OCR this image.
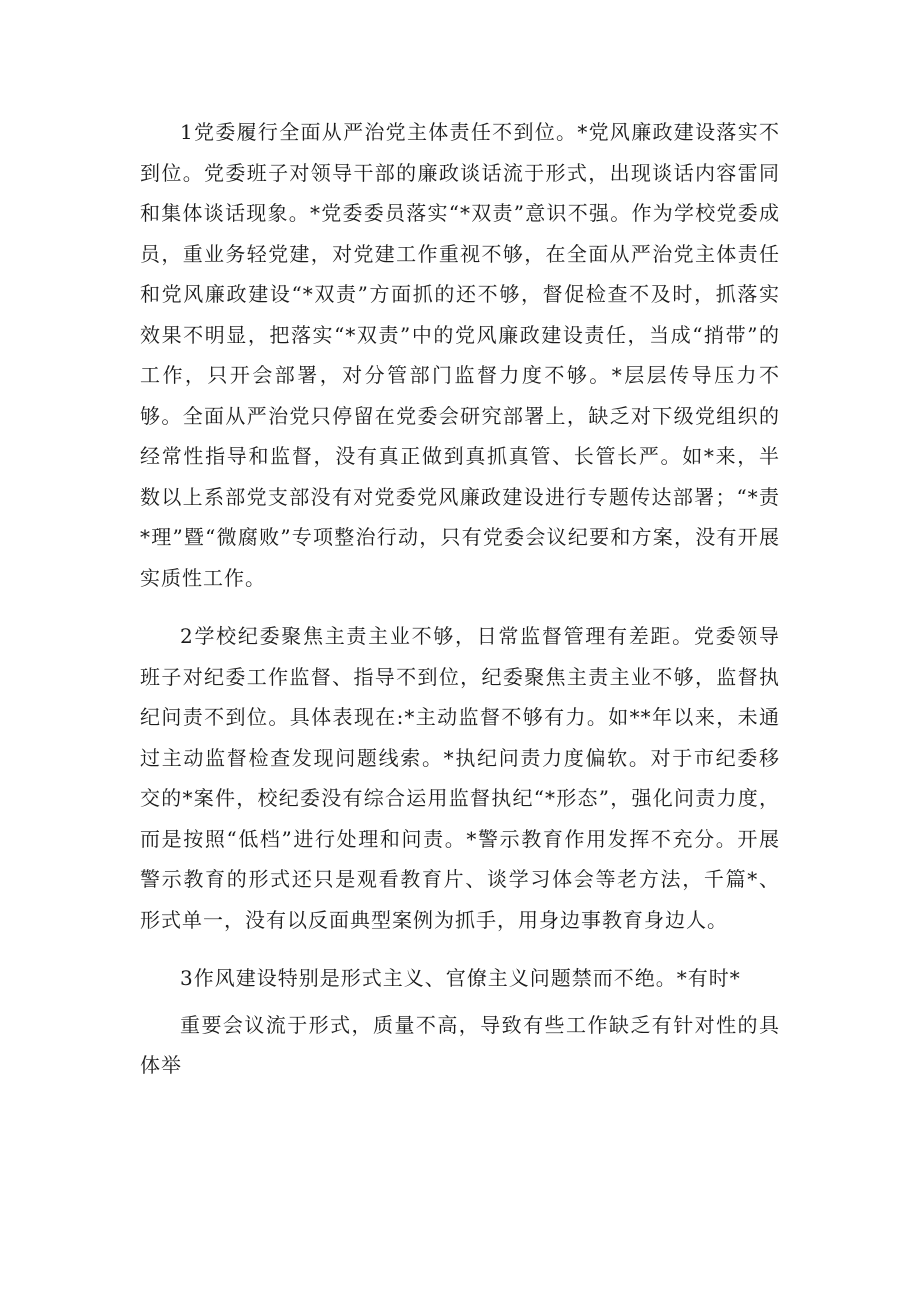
1党委履行全面从严治党主体责任不到位。*党风廉政建设落实不到位。党委班子对领导干部的廉政谈话流于形式，出现谈话内容雷同和集体谈话现象。*党委委员落实“*双责”意识不强。作为学校党委成员，重业务轻党建，对党建工作重视不够，在全面从严治党主体责任和党风廉政建设“*双责”方面抓的还不够，督促检查不及时，抓落实效果不明显，把落实“*双责”中的党风廉政建设责任，当成“捎带”的工作，只开会部署，对分管部门监督力度不够。*层层传导压力不够。全面从严治党只停留在党委会研究部署上，缺乏对下级党组织的经常性指导和监督，没有真正做到真抓真管、长管长严。如*来，半数以上系部党支部没有对党委党风廉政建设进行专题传达部署；“*责*理”暨“微腐败”专项整治行动，只有党委会议纪要和方案，没有开展实质性工作。

2学校纪委聚焦主责主业不够，日常监督管理有差距。党委领导班子对纪委工作监督、指导不到位，纪委聚焦主责主业不够，监督执纪问责不到位。具体表现在:*主动监督不够有力。如**年以来，未通过主动监督检查发现问题线索。*执纪问责力度偏软。对于市纪委移交的*案件，校纪委没有综合运用监督执纪“*形态”，强化问责力度，而是按照“低档”进行处理和问责。*警示教育作用发挥不充分。开展警示教育的形式还只是观看教育片、谈学习体会等老方法，千篇*、形式单一，没有以反面典型案例为抓手，用身边事教育身边人。

3作风建设特别是形式主义、官僚主义问题禁而不绝。*有时*

重要会议流于形式，质量不高，导致有些工作缺乏有针对性的具体举
